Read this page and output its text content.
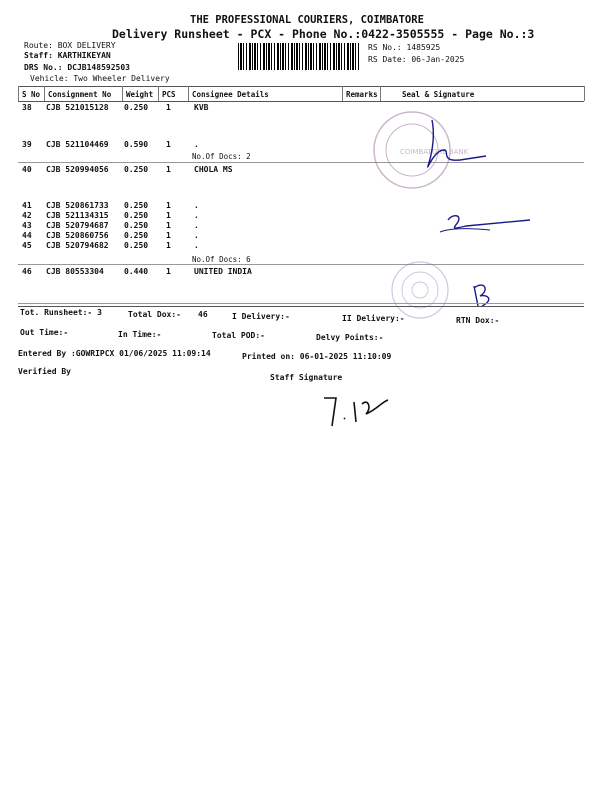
THE PROFESSIONAL COURIERS, COIMBATORE
Delivery Runsheet - PCX - Phone No.:0422-3505555 - Page No.:3
Route: BOX DELIVERY
Staff: KARTHIKEYAN
DRS No.: DCJB148592503
Vehicle: Two Wheeler Delivery
RS No.: 1485925
RS Date: 06-Jan-2025
S No Consignment No Weight PCS Consignee Details	Remarks	Seal & Signature
38 CJB 521015128 0.250 1	KVB
39 CJB 521104469 0.590 1	.
No.Of Docs: 2
40 CJB 520994056 0.250 1	CHOLA MS
41 CJB 520861733 0.250 1	.
42 CJB 521134315 0.250 1	.
43 CJB 520794687 0.250 1	.
44 CJB 520860756 0.250 1	.
45 CJB 520794682 0.250 1	.
No.Of Docs: 6
46 CJB 80553304	0.440 1	UNITED INDIA
COIMBATORE BANK
Tot. Runsheet:- 3	Total Dox:- 46	I Delivery:-	II Delivery:-	RTN Dox:-
Out Time:-	In Time:-	Total POD:-	Delvy Points:-
Entered By :GOWRIPCX 01/06/2025 11:09:14	Printed on: 06-01-2025 11:10:09
Verified By
Staff Signature
